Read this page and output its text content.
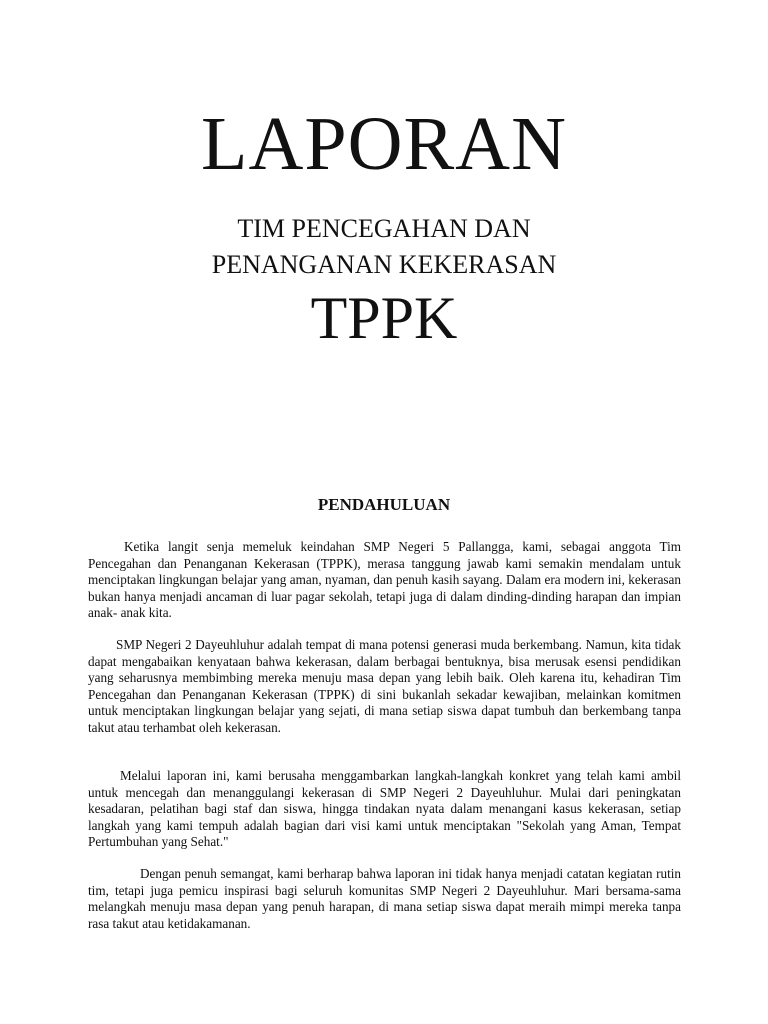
LAPORAN
TIM PENCEGAHAN DAN
PENANGANAN KEKERASAN
TPPK
PENDAHULUAN

Ketika langit senja memeluk keindahan SMP Negeri 5 Pallangga, kami, sebagai anggota Tim Pencegahan dan Penanganan Kekerasan (TPPK), merasa tanggung jawab kami semakin mendalam untuk menciptakan lingkungan belajar yang aman, nyaman, dan penuh kasih sayang. Dalam era modern ini, kekerasan bukan hanya menjadi ancaman di luar pagar sekolah, tetapi juga di dalam dinding-dinding harapan dan impian anak- anak kita.

SMP Negeri 2 Dayeuhluhur adalah tempat di mana potensi generasi muda berkembang. Namun, kita tidak dapat mengabaikan kenyataan bahwa kekerasan, dalam berbagai bentuknya, bisa merusak esensi pendidikan yang seharusnya membimbing mereka menuju masa depan yang lebih baik. Oleh karena itu, kehadiran Tim Pencegahan dan Penanganan Kekerasan (TPPK) di sini bukanlah sekadar kewajiban, melainkan komitmen untuk menciptakan lingkungan belajar yang sejati, di mana setiap siswa dapat tumbuh dan berkembang tanpa takut atau terhambat oleh kekerasan.

Melalui laporan ini, kami berusaha menggambarkan langkah-langkah konkret yang telah kami ambil untuk mencegah dan menanggulangi kekerasan di SMP Negeri 2 Dayeuhluhur. Mulai dari peningkatan kesadaran, pelatihan bagi staf dan siswa, hingga tindakan nyata dalam menangani kasus kekerasan, setiap langkah yang kami tempuh adalah bagian dari visi kami untuk menciptakan "Sekolah yang Aman, Tempat Pertumbuhan yang Sehat."

Dengan penuh semangat, kami berharap bahwa laporan ini tidak hanya menjadi catatan kegiatan rutin tim, tetapi juga pemicu inspirasi bagi seluruh komunitas SMP Negeri 2 Dayeuhluhur. Mari bersama-sama melangkah menuju masa depan yang penuh harapan, di mana setiap siswa dapat meraih mimpi mereka tanpa rasa takut atau ketidakamanan.
